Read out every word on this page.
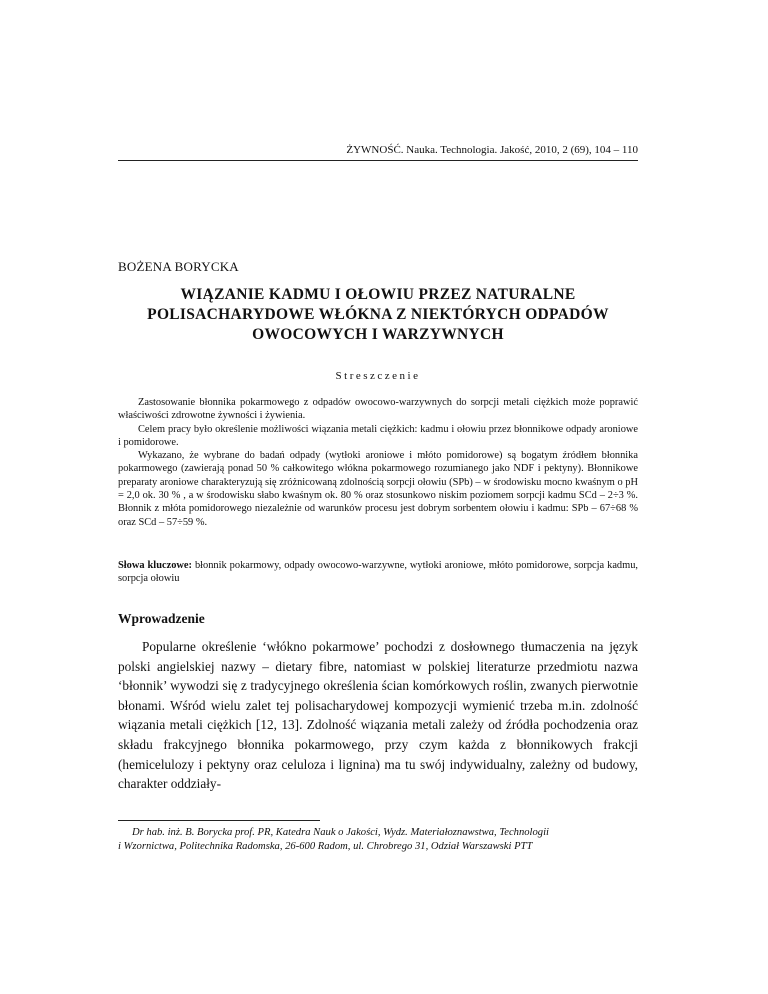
ŻYWNOŚĆ. Nauka. Technologia. Jakość, 2010, 2 (69), 104 – 110
BOŻENA BORYCKA
WIĄZANIE KADMU I OŁOWIU PRZEZ NATURALNE POLISACHARYDOWE WŁÓKNA Z NIEKTÓRYCH ODPADÓW OWOCOWYCH I WARZYWNYCH
Streszczenie

Zastosowanie błonnika pokarmowego z odpadów owocowo-warzywnych do sorpcji metali ciężkich może poprawić właściwości zdrowotne żywności i żywienia.

Celem pracy było określenie możliwości wiązania metali ciężkich: kadmu i ołowiu przez błonnikowe odpady aroniowe i pomidorowe.

Wykazano, że wybrane do badań odpady (wytłoki aroniowe i młóto pomidorowe) są bogatym źródłem błonnika pokarmowego (zawierają ponad 50 % całkowitego włókna pokarmowego rozumianego jako NDF i pektyny). Błonnikowe preparaty aroniowe charakteryzują się zróżnicowaną zdolnością sorpcji ołowiu (SPb) – w środowisku mocno kwaśnym o pH = 2,0 ok. 30 % , a w środowisku słabo kwaśnym ok. 80 % oraz stosunkowo niskim poziomem sorpcji kadmu SCd – 2÷3 %. Błonnik z młóta pomidorowego niezależnie od warunków procesu jest dobrym sorbentem ołowiu i kadmu: SPb – 67÷68 % oraz SCd – 57÷59 %.

Słowa kluczowe: błonnik pokarmowy, odpady owocowo-warzywne, wytłoki aroniowe, młóto pomidorowe, sorpcja kadmu, sorpcja ołowiu
Wprowadzenie

Popularne określenie ‘włókno pokarmowe’ pochodzi z dosłownego tłumaczenia na język polski angielskiej nazwy – dietary fibre, natomiast w polskiej literaturze przedmiotu nazwa ‘błonnik’ wywodzi się z tradycyjnego określenia ścian komórkowych roślin, zwanych pierwotnie błonami. Wśród wielu zalet tej polisacharydowej kompozycji wymienić trzeba m.in. zdolność wiązania metali ciężkich [12, 13]. Zdolność wiązania metali zależy od źródła pochodzenia oraz składu frakcyjnego błonnika pokarmowego, przy czym każda z błonnikowych frakcji (hemicelulozy i pektyny oraz celuloza i lignina) ma tu swój indywidualny, zależny od budowy, charakter oddziały-

Dr hab. inż. B. Borycka prof. PR, Katedra Nauk o Jakości, Wydz. Materiałoznawstwa, Technologii
i Wzornictwa, Politechnika Radomska, 26-600 Radom, ul. Chrobrego 31, Odział Warszawski PTT
